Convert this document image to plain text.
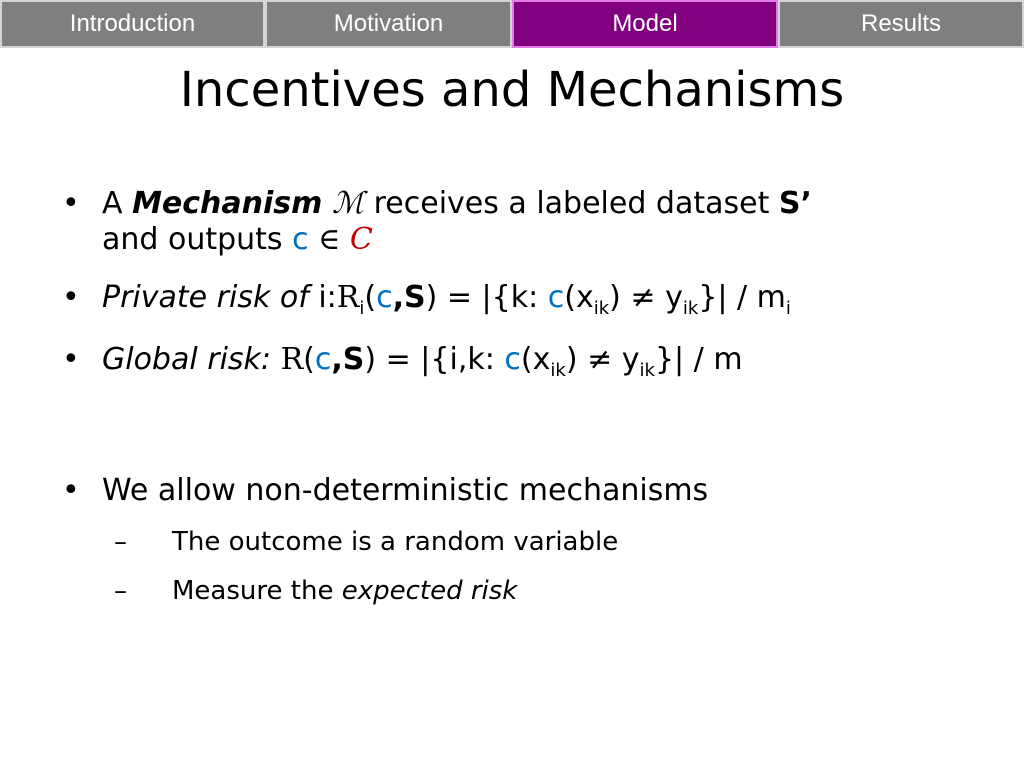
Introduction	Motivation	Model	Results
Incentives and Mechanisms
• A Mechanism ℳ receives a labeled dataset S’
and outputs c ∈ C
• Private risk of $i:R_i(c,S) = |\{k$: $c(x_{ik}) \ne y_{ik}\}| / m_i$
• Global risk: R(c,S) = |{i,k: $c(x_{ik}) \ne y_{ik}\}| / m$
• We allow non-deterministic mechanisms
– The outcome is a random variable
– Measure the expected risk
